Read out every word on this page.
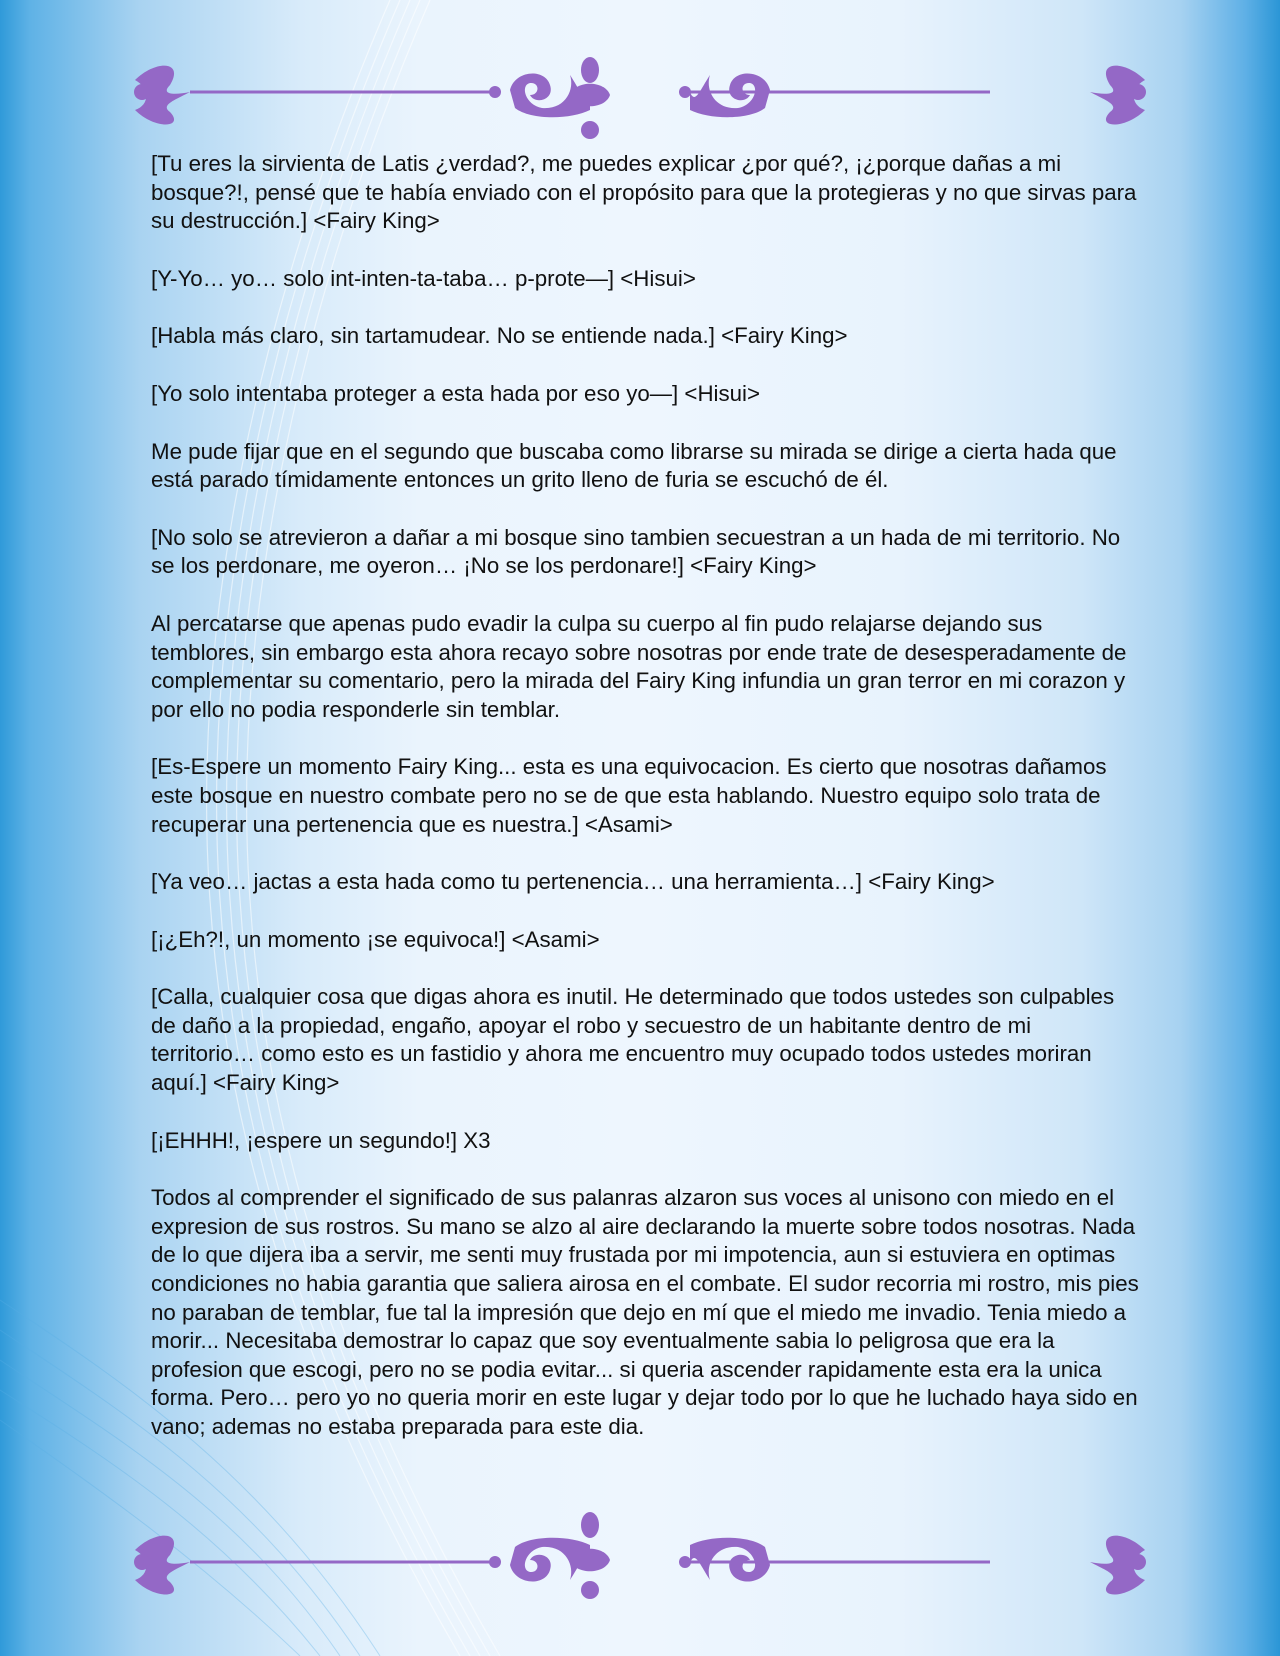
[Tu eres la sirvienta de Latis ¿verdad?, me puedes explicar ¿por qué?, ¡¿porque dañas a mi bosque?!, pensé que te había enviado con el propósito para que la protegieras y no que sirvas para su destrucción.] <Fairy King>

[Y-Yo… yo… solo int-inten-ta-taba… p-prote—] <Hisui>

[Habla más claro, sin tartamudear. No se entiende nada.] <Fairy King>

[Yo solo intentaba proteger a esta hada por eso yo—] <Hisui>

Me pude fijar que en el segundo que buscaba como librarse su mirada se dirige a cierta hada que está parado tímidamente entonces un grito lleno de furia se escuchó de él.

[No solo se atrevieron a dañar a mi bosque sino tambien secuestran a un hada de mi territorio. No se los perdonare, me oyeron… ¡No se los perdonare!] <Fairy King>

Al percatarse que apenas pudo evadir la culpa su cuerpo al fin pudo relajarse dejando sus temblores, sin embargo esta ahora recayo sobre nosotras por ende trate de desesperadamente de complementar su comentario, pero la mirada del Fairy King infundia un gran terror en mi corazon y por ello no podia responderle sin temblar.

[Es-Espere un momento Fairy King... esta es una equivocacion. Es cierto que nosotras dañamos este bosque en nuestro combate pero no se de que esta hablando. Nuestro equipo solo trata de recuperar una pertenencia que es nuestra.] <Asami>

[Ya veo… jactas a esta hada como tu pertenencia… una herramienta…] <Fairy King>

[¡¿Eh?!, un momento ¡se equivoca!] <Asami>

[Calla, cualquier cosa que digas ahora es inutil. He determinado que todos ustedes son culpables de daño a la propiedad, engaño, apoyar el robo y secuestro de un habitante dentro de mi territorio… como esto es un fastidio y ahora me encuentro muy ocupado todos ustedes moriran aquí.] <Fairy King>

[¡EHHH!, ¡espere un segundo!] X3

Todos al comprender el significado de sus palanras alzaron sus voces al unisono con miedo en el expresion de sus rostros. Su mano se alzo al aire declarando la muerte sobre todos nosotras. Nada de lo que dijera iba a servir, me senti muy frustada por mi impotencia, aun si estuviera en optimas condiciones no habia garantia que saliera airosa en el combate. El sudor recorria mi rostro, mis pies no paraban de temblar, fue tal la impresión que dejo en mí que el miedo me invadio. Tenia miedo a morir... Necesitaba demostrar lo capaz que soy eventualmente sabia lo peligrosa que era la profesion que escogi, pero no se podia evitar... si queria ascender rapidamente esta era la unica forma. Pero… pero yo no queria morir en este lugar y dejar todo por lo que he luchado haya sido en vano; ademas no estaba preparada para este dia.
